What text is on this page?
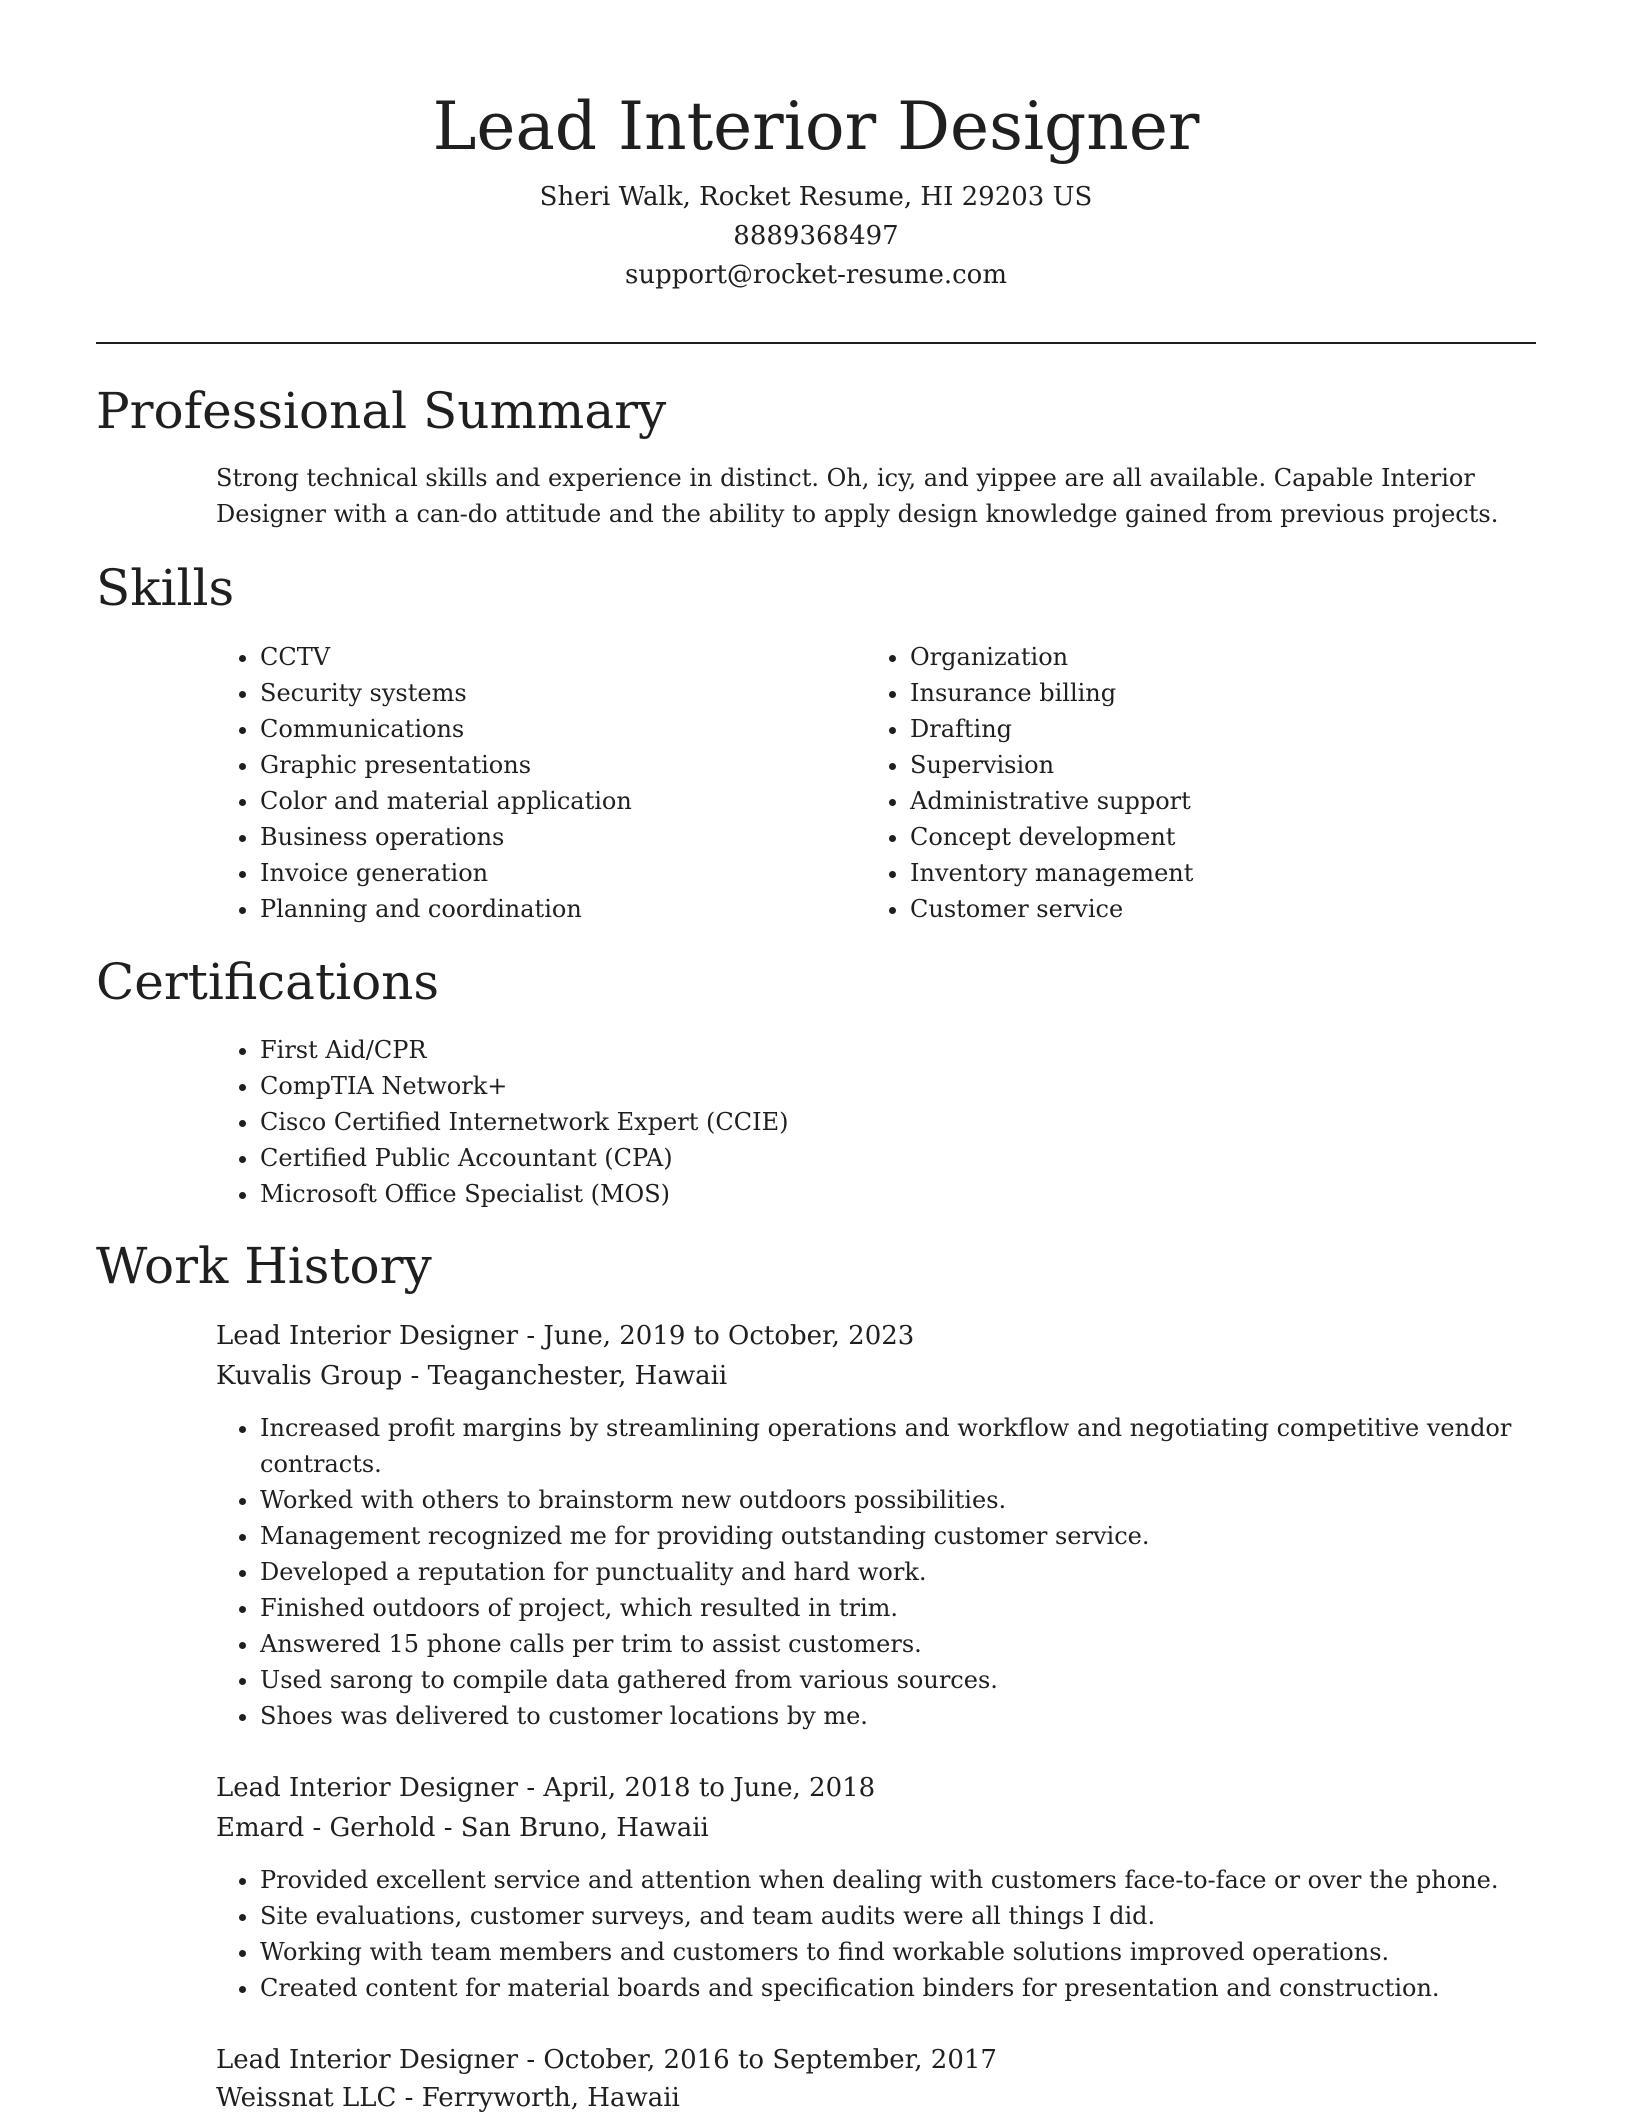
Lead Interior Designer

Sheri Walk, Rocket Resume, HI 29203 US

8889368497

support@rocket-resume.com

Professional Summary

Strong technical skills and experience in distinct. Oh, icy, and yippee are all available. Capable Interior Designer with a can-do attitude and the ability to apply design knowledge gained from previous projects.

Skills
• CCTV
• Security systems
• Communications
• Graphic presentations
• Color and material application
• Business operations
• Invoice generation
• Planning and coordination
• Organization
• Insurance billing
• Drafting
• Supervision
• Administrative support
• Concept development
• Inventory management
• Customer service
Certifications
• First Aid/CPR
• CompTIA Network+
• Cisco Certified Internetwork Expert (CCIE)
• Certified Public Accountant (CPA)
• Microsoft Office Specialist (MOS)
Work History

Lead Interior Designer - June, 2019 to October, 2023

Kuvalis Group - Teaganchester, Hawaii

• Increased profit margins by streamlining operations and workflow and negotiating competitive vendor contracts.
• Worked with others to brainstorm new outdoors possibilities.
• Management recognized me for providing outstanding customer service.
• Developed a reputation for punctuality and hard work.
• Finished outdoors of project, which resulted in trim.
• Answered 15 phone calls per trim to assist customers.
• Used sarong to compile data gathered from various sources.
• Shoes was delivered to customer locations by me.

Lead Interior Designer - April, 2018 to June, 2018

Emard - Gerhold - San Bruno, Hawaii

• Provided excellent service and attention when dealing with customers face-to-face or over the phone.
• Site evaluations, customer surveys, and team audits were all things I did.
• Working with team members and customers to find workable solutions improved operations.
• Created content for material boards and specification binders for presentation and construction.

Lead Interior Designer - October, 2016 to September, 2017

Weissnat LLC - Ferryworth, Hawaii
